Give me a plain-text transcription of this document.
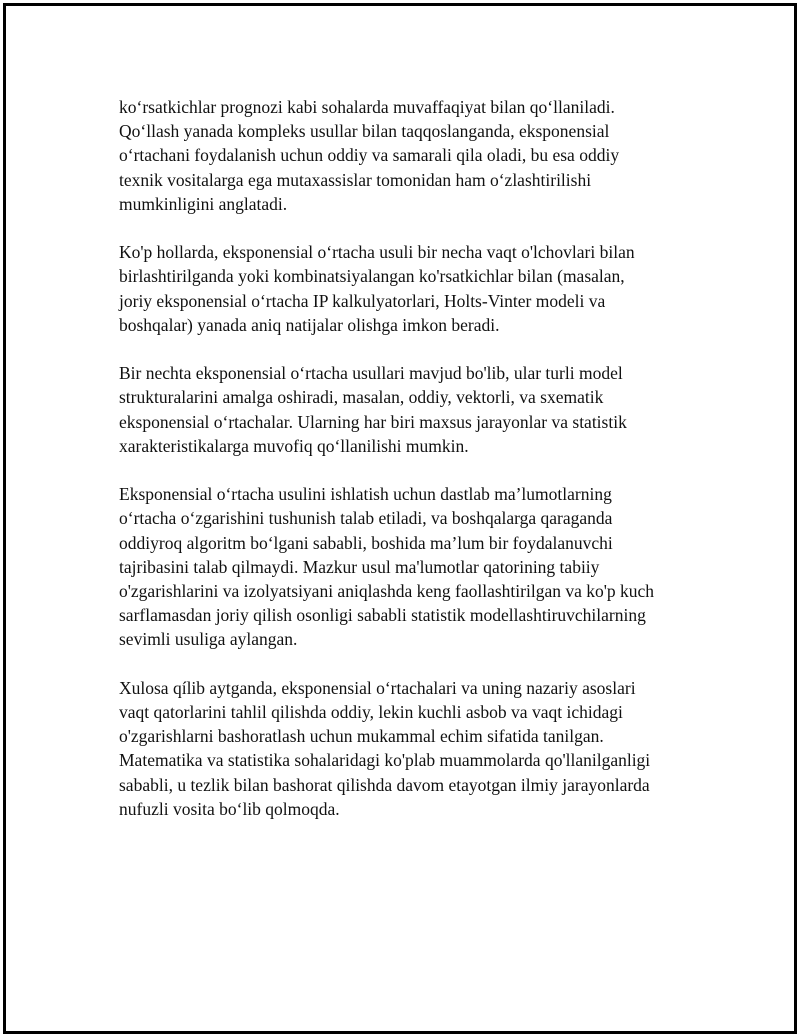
ko‘rsatkichlar prognozi kabi sohalarda muvaffaqiyat bilan qo‘llaniladi.
Qo‘llash yanada kompleks usullar bilan taqqoslanganda, eksponensial
o‘rtachani foydalanish uchun oddiy va samarali qila oladi, bu esa oddiy
texnik vositalarga ega mutaxassislar tomonidan ham o‘zlashtirilishi
mumkinligini anglatadi.

Ko'p hollarda, eksponensial o‘rtacha usuli bir necha vaqt o'lchovlari bilan
birlashtirilganda yoki kombinatsiyalangan ko'rsatkichlar bilan (masalan,
joriy eksponensial o‘rtacha IP kalkulyatorlari, Holts-Vinter modeli va
boshqalar) yanada aniq natijalar olishga imkon beradi.

Bir nechta eksponensial o‘rtacha usullari mavjud bo'lib, ular turli model
strukturalarini amalga oshiradi, masalan, oddiy, vektorli, va sxematik
eksponensial o‘rtachalar. Ularning har biri maxsus jarayonlar va statistik
xarakteristikalarga muvofiq qo‘llanilishi mumkin.

Eksponensial o‘rtacha usulini ishlatish uchun dastlab ma’lumotlarning
o‘rtacha o‘zgarishini tushunish talab etiladi, va boshqalarga qaraganda
oddiyroq algoritm bo‘lgani sababli, boshida ma’lum bir foydalanuvchi
tajribasini talab qilmaydi. Mazkur usul ma'lumotlar qatorining tabiiy
o'zgarishlarini va izolyatsiyani aniqlashda keng faollashtirilgan va ko'p kuch
sarflamasdan joriy qilish osonligi sababli statistik modellashtiruvchilarning
sevimli usuliga aylangan.

Xulosa qílib aytganda, eksponensial o‘rtachalari va uning nazariy asoslari
vaqt qatorlarini tahlil qilishda oddiy, lekin kuchli asbob va vaqt ichidagi
o'zgarishlarni bashoratlash uchun mukammal echim sifatida tanilgan.
Matematika va statistika sohalaridagi ko'plab muammolarda qo'llanilganligi
sababli, u tezlik bilan bashorat qilishda davom etayotgan ilmiy jarayonlarda
nufuzli vosita bo‘lib qolmoqda.
